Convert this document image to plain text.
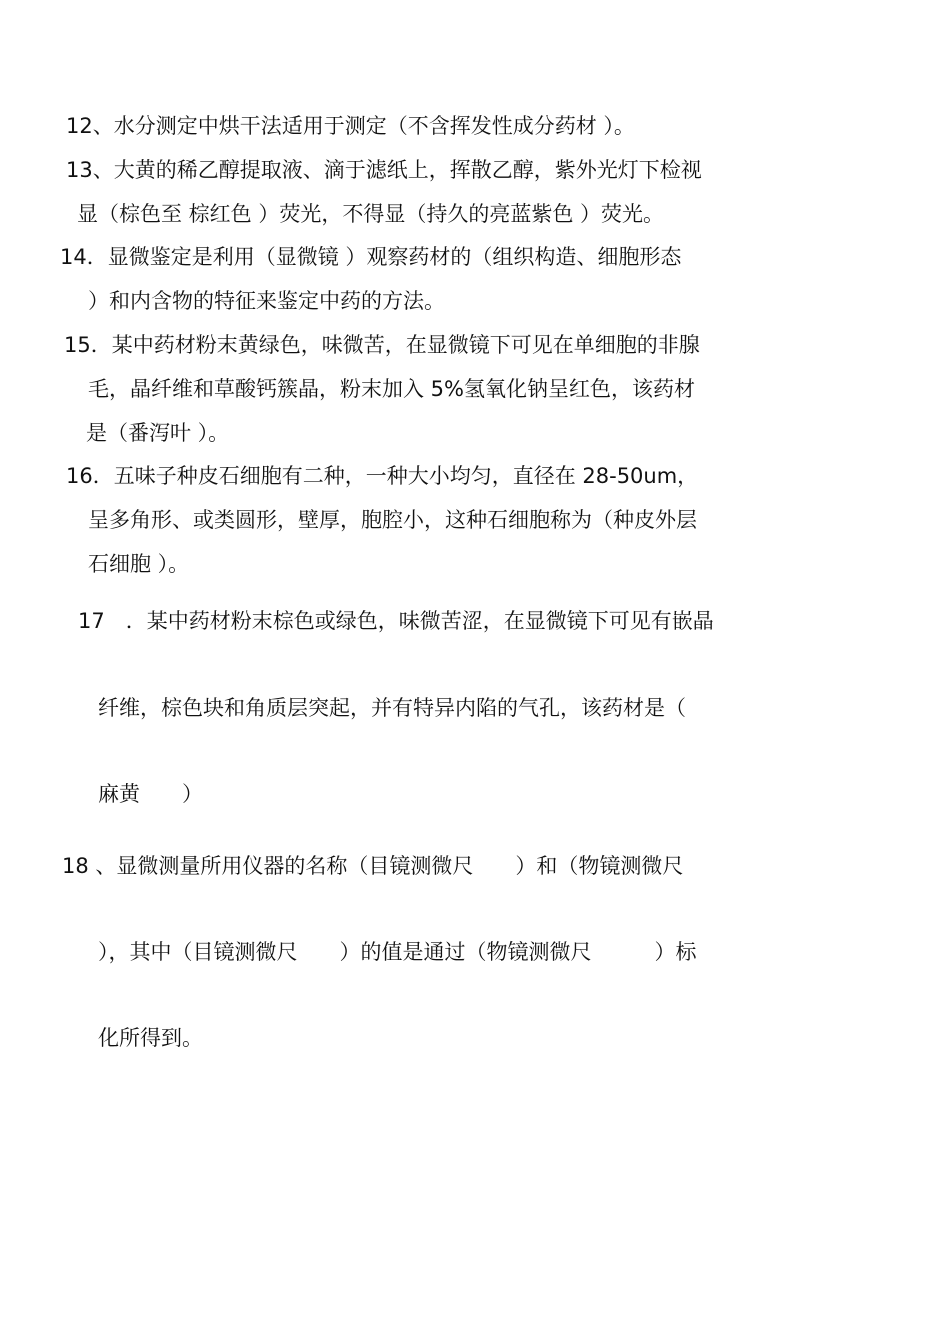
12、水分测定中烘干法适用于测定（不含挥发性成分药材 ）。
13、大黄的稀乙醇提取液、滴于滤纸上，挥散乙醇，紫外光灯下检视
显（棕色至 棕红色 ）荧光，不得显（持久的亮蓝紫色 ）荧光。
14．显微鉴定是利用（显微镜 ）观察药材的（组织构造、细胞形态
）和内含物的特征来鉴定中药的方法。
15．某中药材粉末黄绿色，味微苦，在显微镜下可见在单细胞的非腺
毛，晶纤维和草酸钙簇晶，粉末加入 5%氢氧化钠呈红色，该药材
是（番泻叶 ）。
16．五味子种皮石细胞有二种，一种大小均匀，直径在 28-50um，
呈多角形、或类圆形，壁厚，胞腔小，这种石细胞称为（种皮外层
石细胞 ）。
17　．某中药材粉末棕色或绿色，味微苦涩，在显微镜下可见有嵌晶
纤维，棕色块和角质层突起，并有特异内陷的气孔，该药材是（
麻黄　　）
18 、显微测量所用仪器的名称（目镜测微尺　　）和（物镜测微尺
），其中（目镜测微尺　　）的值是通过（物镜测微尺　　　）标
化所得到。
